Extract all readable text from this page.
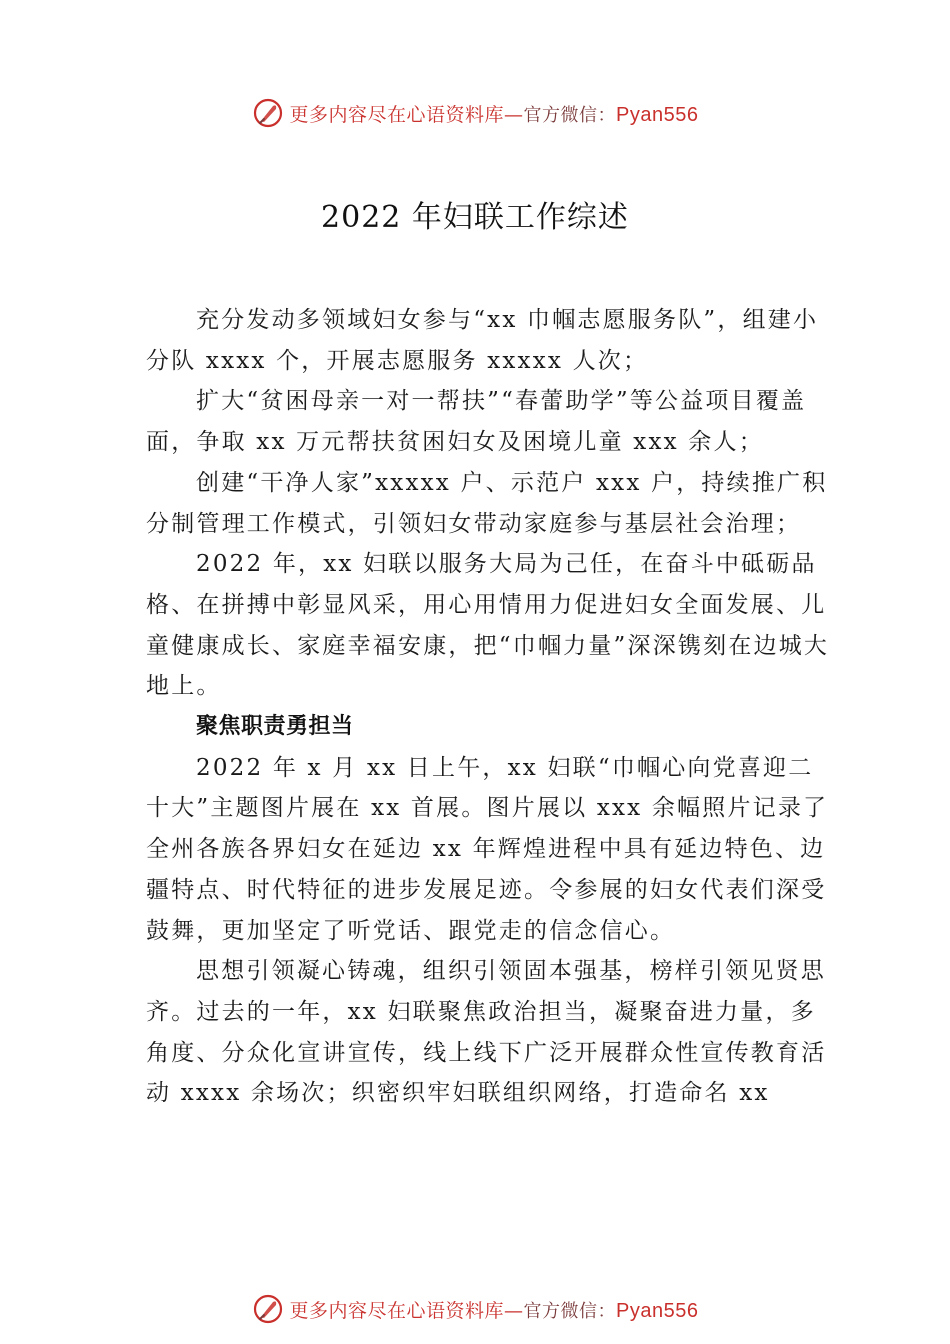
更多内容尽在心语资料库—官方微信：Pyan556
2022 年妇联工作综述

充分发动多领域妇女参与“xx 巾帼志愿服务队”，组建小分队 xxxx 个，开展志愿服务 xxxxx 人次；

扩大“贫困母亲一对一帮扶”“春蕾助学”等公益项目覆盖面，争取 xx 万元帮扶贫困妇女及困境儿童 xxx 余人；

创建“干净人家”xxxxx 户、示范户 xxx 户，持续推广积分制管理工作模式，引领妇女带动家庭参与基层社会治理；

2022 年，xx 妇联以服务大局为己任，在奋斗中砥砺品格、在拼搏中彰显风采，用心用情用力促进妇女全面发展、儿童健康成长、家庭幸福安康，把“巾帼力量”深深镌刻在边城大地上。

聚焦职责勇担当

2022 年 x 月 xx 日上午，xx 妇联“巾帼心向党喜迎二十大”主题图片展在 xx 首展。图片展以 xxx 余幅照片记录了全州各族各界妇女在延边 xx 年辉煌进程中具有延边特色、边疆特点、时代特征的进步发展足迹。令参展的妇女代表们深受鼓舞，更加坚定了听党话、跟党走的信念信心。

思想引领凝心铸魂，组织引领固本强基，榜样引领见贤思齐。过去的一年，xx 妇联聚焦政治担当，凝聚奋进力量，多角度、分众化宣讲宣传，线上线下广泛开展群众性宣传教育活动 xxxx 余场次；织密织牢妇联组织网络，打造命名 xx

更多内容尽在心语资料库—官方微信：Pyan556
